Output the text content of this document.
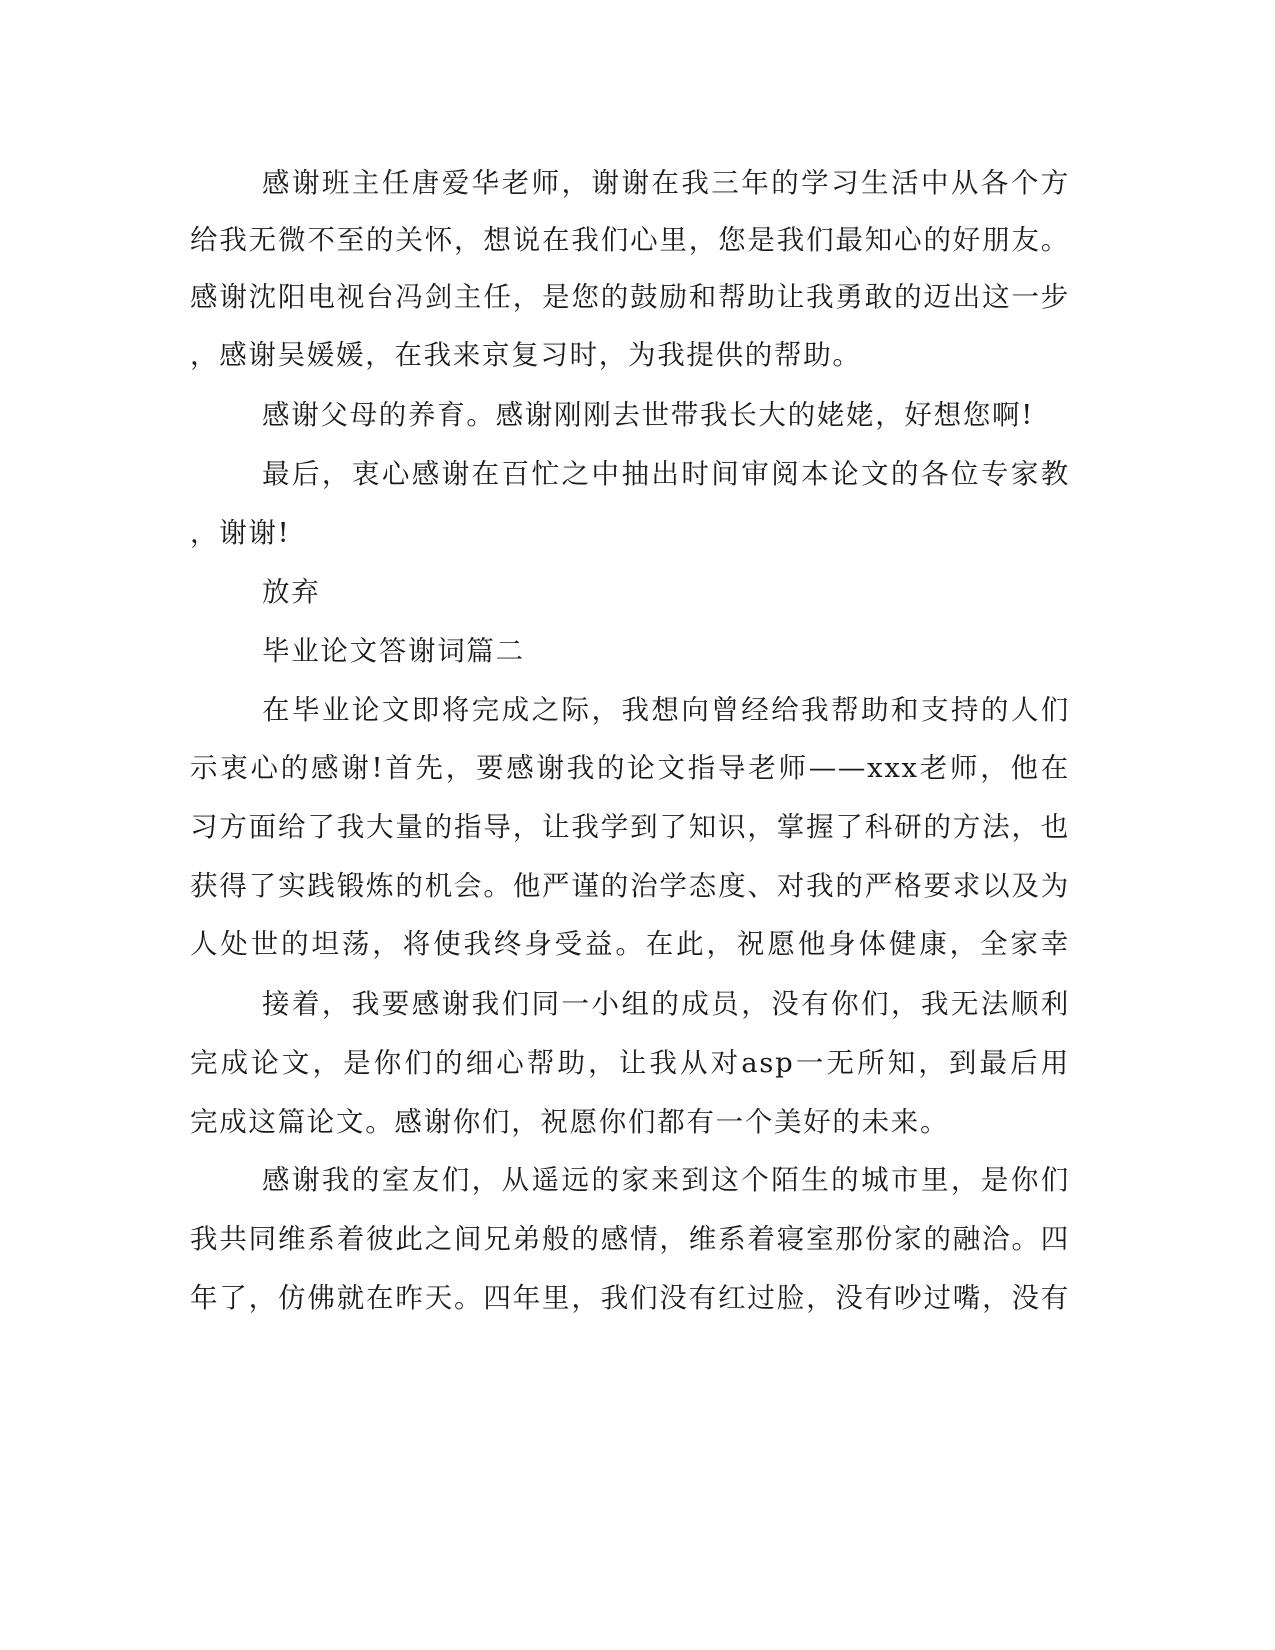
感谢班主任唐爱华老师，谢谢在我三年的学习生活中从各个方
给我无微不至的关怀，想说在我们心里，您是我们最知心的好朋友。
感谢沈阳电视台冯剑主任，是您的鼓励和帮助让我勇敢的迈出这一步
，感谢吴媛媛，在我来京复习时，为我提供的帮助。
感谢父母的养育。感谢刚刚去世带我长大的姥姥，好想您啊!
最后，衷心感谢在百忙之中抽出时间审阅本论文的各位专家教
，谢谢!
放弃
毕业论文答谢词篇二
在毕业论文即将完成之际，我想向曾经给我帮助和支持的人们
示衷心的感谢!首先，要感谢我的论文指导老师——xxx老师，他在
习方面给了我大量的指导，让我学到了知识，掌握了科研的方法，也
获得了实践锻炼的机会。他严谨的治学态度、对我的严格要求以及为
人处世的坦荡，将使我终身受益。在此，祝愿他身体健康，全家幸
接着，我要感谢我们同一小组的成员，没有你们，我无法顺利
完成论文，是你们的细心帮助，让我从对asp一无所知，到最后用
完成这篇论文。感谢你们，祝愿你们都有一个美好的未来。
感谢我的室友们，从遥远的家来到这个陌生的城市里，是你们
我共同维系着彼此之间兄弟般的感情，维系着寝室那份家的融洽。四
年了，仿佛就在昨天。四年里，我们没有红过脸，没有吵过嘴，没有
